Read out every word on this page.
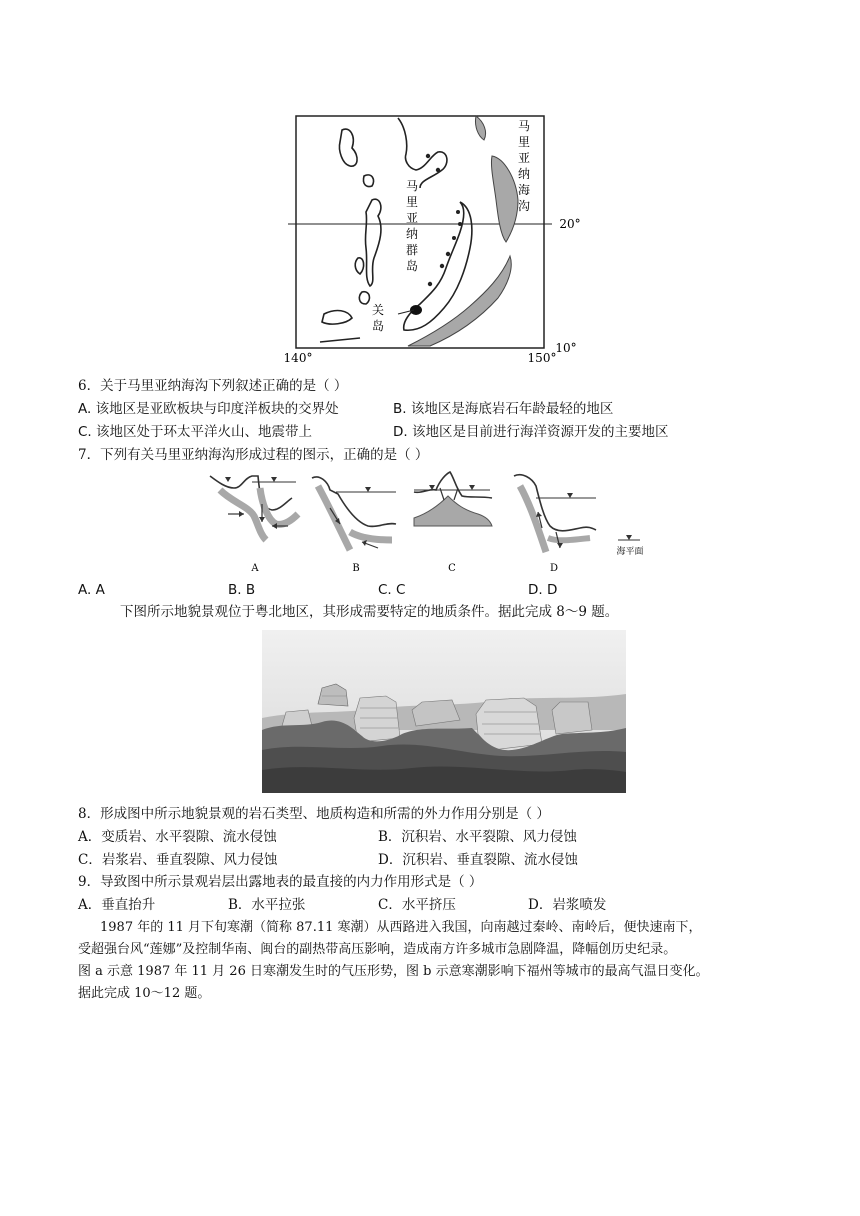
马
里
亚
纳
海
沟
马
里
亚
纳
群
岛
关
岛
20°
10°
140°	150°
6．关于马里亚纳海沟下列叙述正确的是（ ）
A. 该地区是亚欧板块与印度洋板块的交界处	B. 该地区是海底岩石年龄最轻的地区
C. 该地区处于环太平洋火山、地震带上	D. 该地区是目前进行海洋资源开发的主要地区
7．下列有关马里亚纳海沟形成过程的图示，正确的是（ ）
A	B	C	D
海平面
A. A	B. B	C. C	D. D
下图所示地貌景观位于粤北地区，其形成需要特定的地质条件。据此完成 8～9 题。
8．形成图中所示地貌景观的岩石类型、地质构造和所需的外力作用分别是（ ）
A．变质岩、水平裂隙、流水侵蚀	B．沉积岩、水平裂隙、风力侵蚀
C．岩浆岩、垂直裂隙、风力侵蚀	D．沉积岩、垂直裂隙、流水侵蚀
9．导致图中所示景观岩层出露地表的最直接的内力作用形式是（ ）
A．垂直抬升	B．水平拉张	C．水平挤压	D．岩浆喷发
1987 年的 11 月下旬寒潮（简称 87.11 寒潮）从西路进入我国，向南越过秦岭、南岭后，便快速南下，
受超强台风“莲娜”及控制华南、闽台的副热带高压影响，造成南方许多城市急剧降温，降幅创历史纪录。
图 a 示意 1987 年 11 月 26 日寒潮发生时的气压形势，图 b 示意寒潮影响下福州等城市的最高气温日变化。
据此完成 10～12 题。
